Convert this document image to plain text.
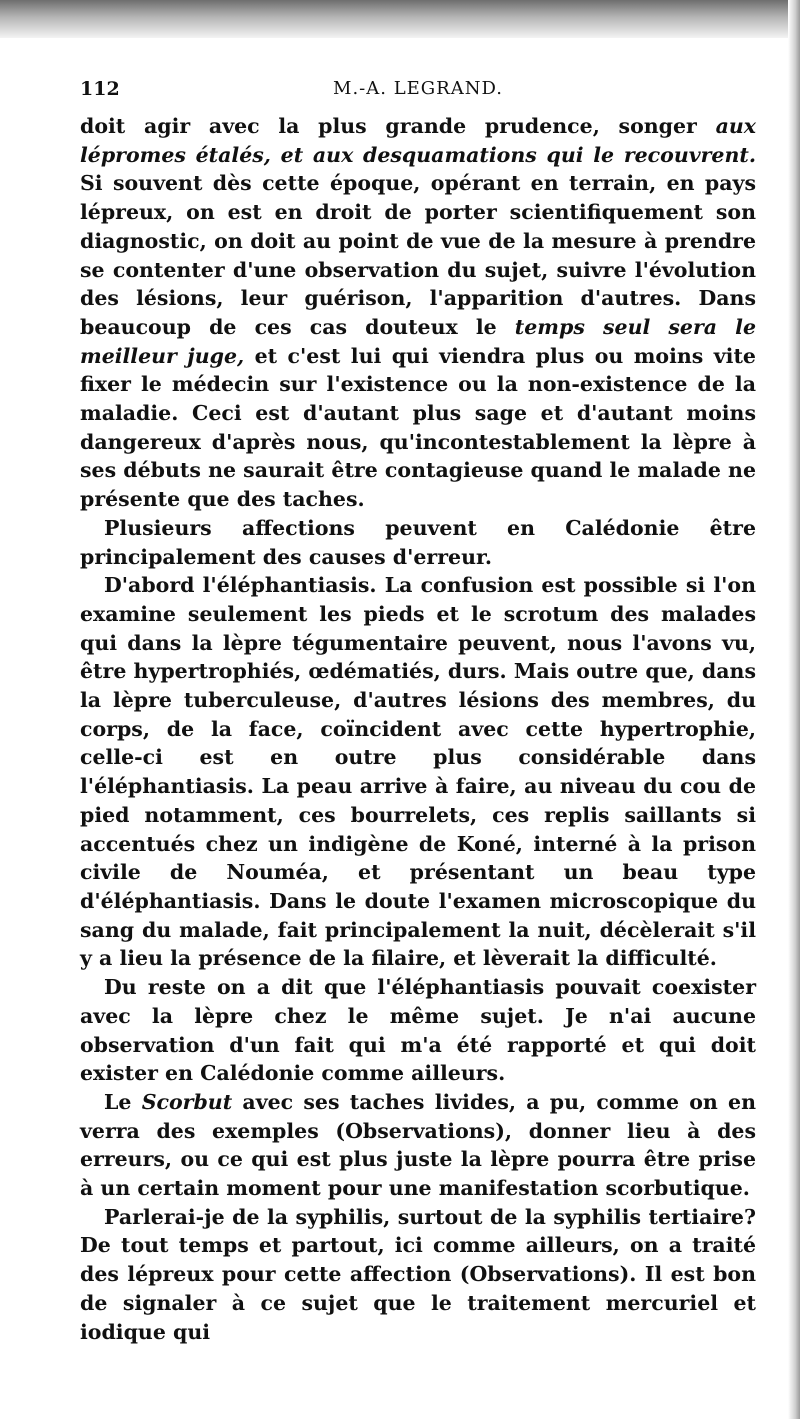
112	M.-A. LEGRAND.

doit agir avec la plus grande prudence, songer aux lépromes étalés, et aux desquamations qui le recouvrent. Si souvent dès cette époque, opérant en terrain, en pays lépreux, on est en droit de porter scientifiquement son diagnostic, on doit au point de vue de la mesure à prendre se contenter d'une observation du sujet, suivre l'évolution des lésions, leur guérison, l'apparition d'autres. Dans beaucoup de ces cas douteux le temps seul sera le meilleur juge, et c'est lui qui viendra plus ou moins vite fixer le médecin sur l'existence ou la non-existence de la maladie. Ceci est d'autant plus sage et d'autant moins dangereux d'après nous, qu'incontestablement la lèpre à ses débuts ne saurait être contagieuse quand le malade ne présente que des taches.

Plusieurs affections peuvent en Calédonie être principalement des causes d'erreur.

D'abord l'éléphantiasis. La confusion est possible si l'on examine seulement les pieds et le scrotum des malades qui dans la lèpre tégumentaire peuvent, nous l'avons vu, être hypertrophiés, œdématiés, durs. Mais outre que, dans la lèpre tuberculeuse, d'autres lésions des membres, du corps, de la face, coïncident avec cette hypertrophie, celle-ci est en outre plus considérable dans l'éléphantiasis. La peau arrive à faire, au niveau du cou de pied notamment, ces bourrelets, ces replis saillants si accentués chez un indigène de Koné, interné à la prison civile de Nouméa, et présentant un beau type d'éléphantiasis. Dans le doute l'examen microscopique du sang du malade, fait principalement la nuit, décèlerait s'il y a lieu la présence de la filaire, et lèverait la difficulté.

Du reste on a dit que l'éléphantiasis pouvait coexister avec la lèpre chez le même sujet. Je n'ai aucune observation d'un fait qui m'a été rapporté et qui doit exister en Calédonie comme ailleurs.

Le Scorbut avec ses taches livides, a pu, comme on en verra des exemples (Observations), donner lieu à des erreurs, ou ce qui est plus juste la lèpre pourra être prise à un certain moment pour une manifestation scorbutique.

Parlerai-je de la syphilis, surtout de la syphilis tertiaire? De tout temps et partout, ici comme ailleurs, on a traité des lépreux pour cette affection (Observations). Il est bon de signaler à ce sujet que le traitement mercuriel et iodique qui
